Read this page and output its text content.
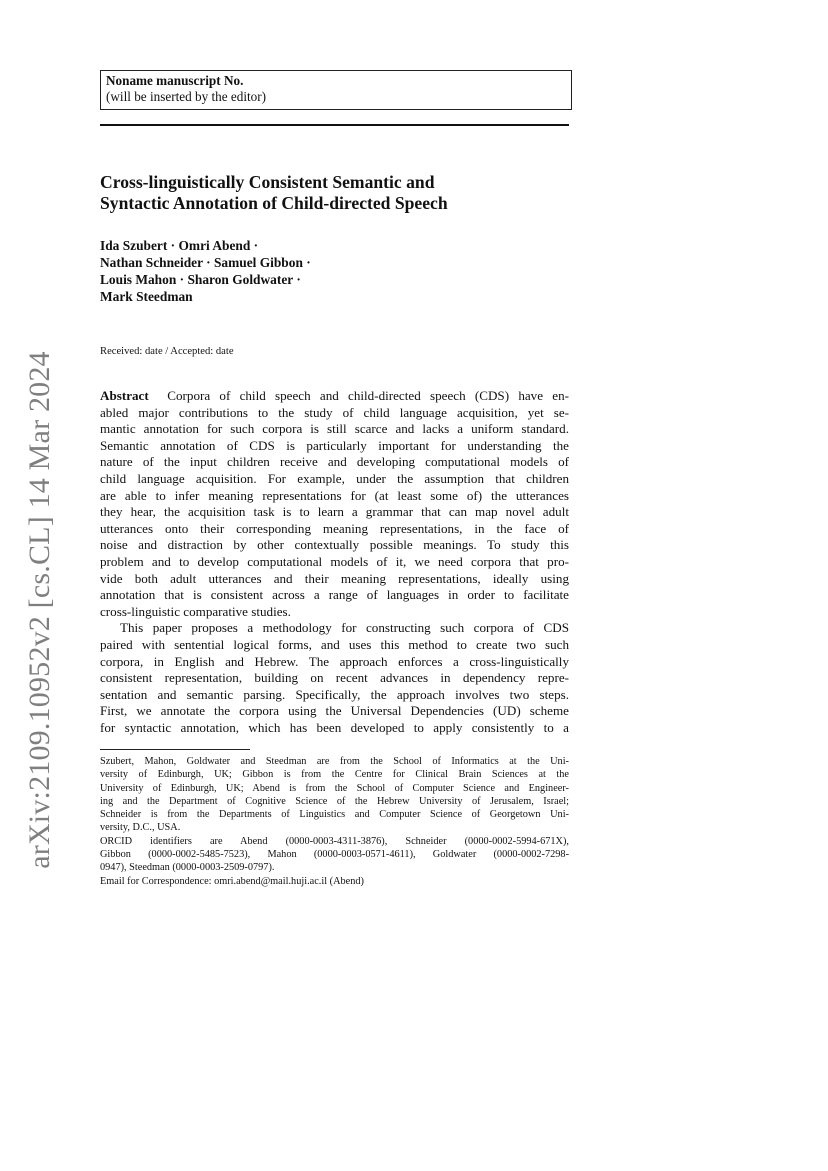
Noname manuscript No.
(will be inserted by the editor)
Cross-linguistically Consistent Semantic and
Syntactic Annotation of Child-directed Speech
Ida Szubert · Omri Abend ·
Nathan Schneider · Samuel Gibbon ·
Louis Mahon · Sharon Goldwater ·
Mark Steedman
Received: date / Accepted: date
Abstract Corpora of child speech and child-directed speech (CDS) have en-
abled major contributions to the study of child language acquisition, yet se-
mantic annotation for such corpora is still scarce and lacks a uniform standard.
Semantic annotation of CDS is particularly important for understanding the
nature of the input children receive and developing computational models of
child language acquisition. For example, under the assumption that children
are able to infer meaning representations for (at least some of) the utterances
they hear, the acquisition task is to learn a grammar that can map novel adult
utterances onto their corresponding meaning representations, in the face of
noise and distraction by other contextually possible meanings. To study this
problem and to develop computational models of it, we need corpora that pro-
vide both adult utterances and their meaning representations, ideally using
annotation that is consistent across a range of languages in order to facilitate
cross-linguistic comparative studies.
This paper proposes a methodology for constructing such corpora of CDS
paired with sentential logical forms, and uses this method to create two such
corpora, in English and Hebrew. The approach enforces a cross-linguistically
consistent representation, building on recent advances in dependency repre-
sentation and semantic parsing. Specifically, the approach involves two steps.
First, we annotate the corpora using the Universal Dependencies (UD) scheme
for syntactic annotation, which has been developed to apply consistently to a
Szubert, Mahon, Goldwater and Steedman are from the School of Informatics at the Uni-
versity of Edinburgh, UK; Gibbon is from the Centre for Clinical Brain Sciences at the
University of Edinburgh, UK; Abend is from the School of Computer Science and Engineer-
ing and the Department of Cognitive Science of the Hebrew University of Jerusalem, Israel;
Schneider is from the Departments of Linguistics and Computer Science of Georgetown Uni-
versity, D.C., USA.
ORCID identifiers are Abend (0000-0003-4311-3876), Schneider (0000-0002-5994-671X),
Gibbon (0000-0002-5485-7523), Mahon (0000-0003-0571-4611), Goldwater (0000-0002-7298-
0947), Steedman (0000-0003-2509-0797).
Email for Correspondence: omri.abend@mail.huji.ac.il (Abend)
arXiv:2109.10952v2 [cs.CL] 14 Mar 2024
